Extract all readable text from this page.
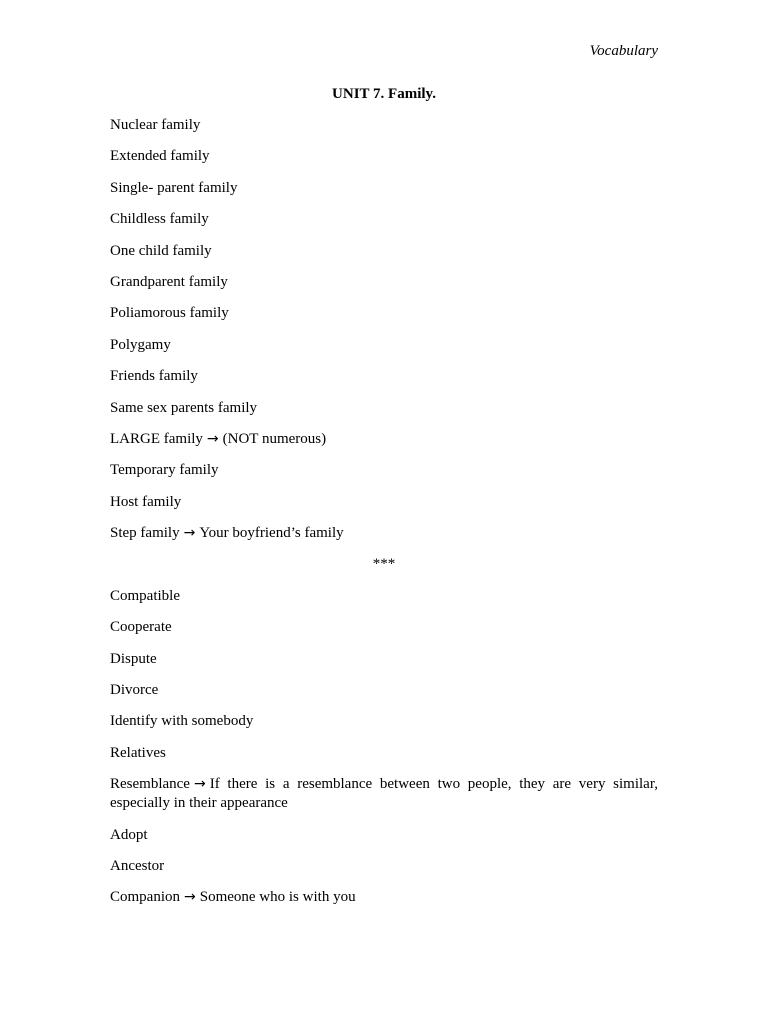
Vocabulary
UNIT 7. Family.
Nuclear family
Extended family
Single- parent family
Childless family
One child family
Grandparent family
Poliamorous family
Polygamy
Friends family
Same sex parents family
LARGE family → (NOT numerous)
Temporary family
Host family
Step family → Your boyfriend’s family
***
Compatible
Cooperate
Dispute
Divorce
Identify with somebody
Relatives
Resemblance → If there is a resemblance between two people, they are very similar, especially in their appearance
Adopt
Ancestor
Companion → Someone who is with you
